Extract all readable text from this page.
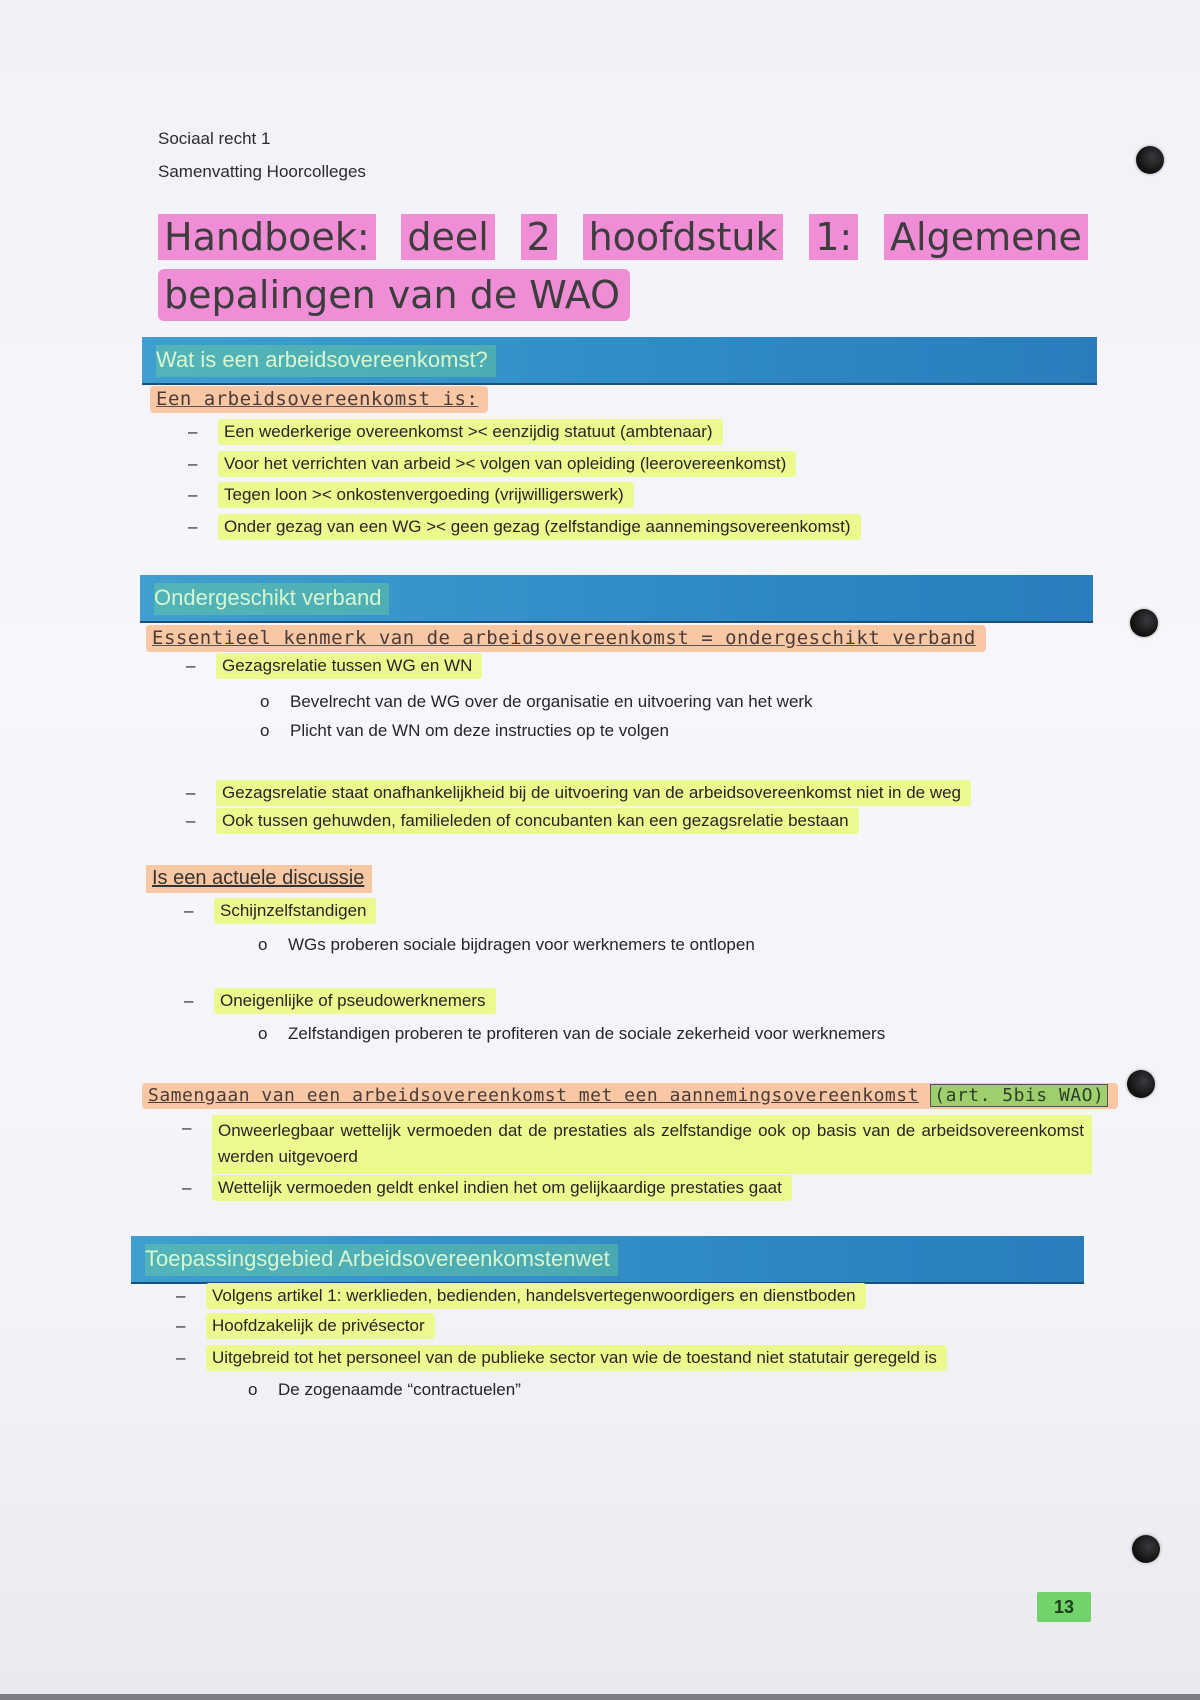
Sociaal recht 1
Samenvatting Hoorcolleges
Handboek: deel 2 hoofdstuk 1: Algemene
bepalingen van de WAO
Wat is een arbeidsovereenkomst?
Een arbeidsovereenkomst is:
– Een wederkerige overeenkomst >< eenzijdig statuut (ambtenaar)
– Voor het verrichten van arbeid >< volgen van opleiding (leerovereenkomst)
– Tegen loon >< onkostenvergoeding (vrijwilligerswerk)
– Onder gezag van een WG >< geen gezag (zelfstandige aannemingsovereenkomst)
Ondergeschikt verband
Essentieel kenmerk van de arbeidsovereenkomst = ondergeschikt verband
– Gezagsrelatie tussen WG en WN
o Bevelrecht van de WG over de organisatie en uitvoering van het werk
o Plicht van de WN om deze instructies op te volgen
– Gezagsrelatie staat onafhankelijkheid bij de uitvoering van de arbeidsovereenkomst niet in de weg
– Ook tussen gehuwden, familieleden of concubanten kan een gezagsrelatie bestaan
Is een actuele discussie
– Schijnzelfstandigen
o WGs proberen sociale bijdragen voor werknemers te ontlopen
– Oneigenlijke of pseudowerknemers
o Zelfstandigen proberen te profiteren van de sociale zekerheid voor werknemers
Samengaan van een arbeidsovereenkomst met een aannemingsovereenkomst (art. 5bis WAO)
Onweerlegbaar wettelijk vermoeden dat de prestaties als zelfstandige ook op basis van de arbeidsovereenkomst werden uitgevoerd
–
– Wettelijk vermoeden geldt enkel indien het om gelijkaardige prestaties gaat
Toepassingsgebied Arbeidsovereenkomstenwet
– Volgens artikel 1: werklieden, bedienden, handelsvertegenwoordigers en dienstboden
– Hoofdzakelijk de privésector
– Uitgebreid tot het personeel van de publieke sector van wie de toestand niet statutair geregeld is
o De zogenaamde “contractuelen”
13
